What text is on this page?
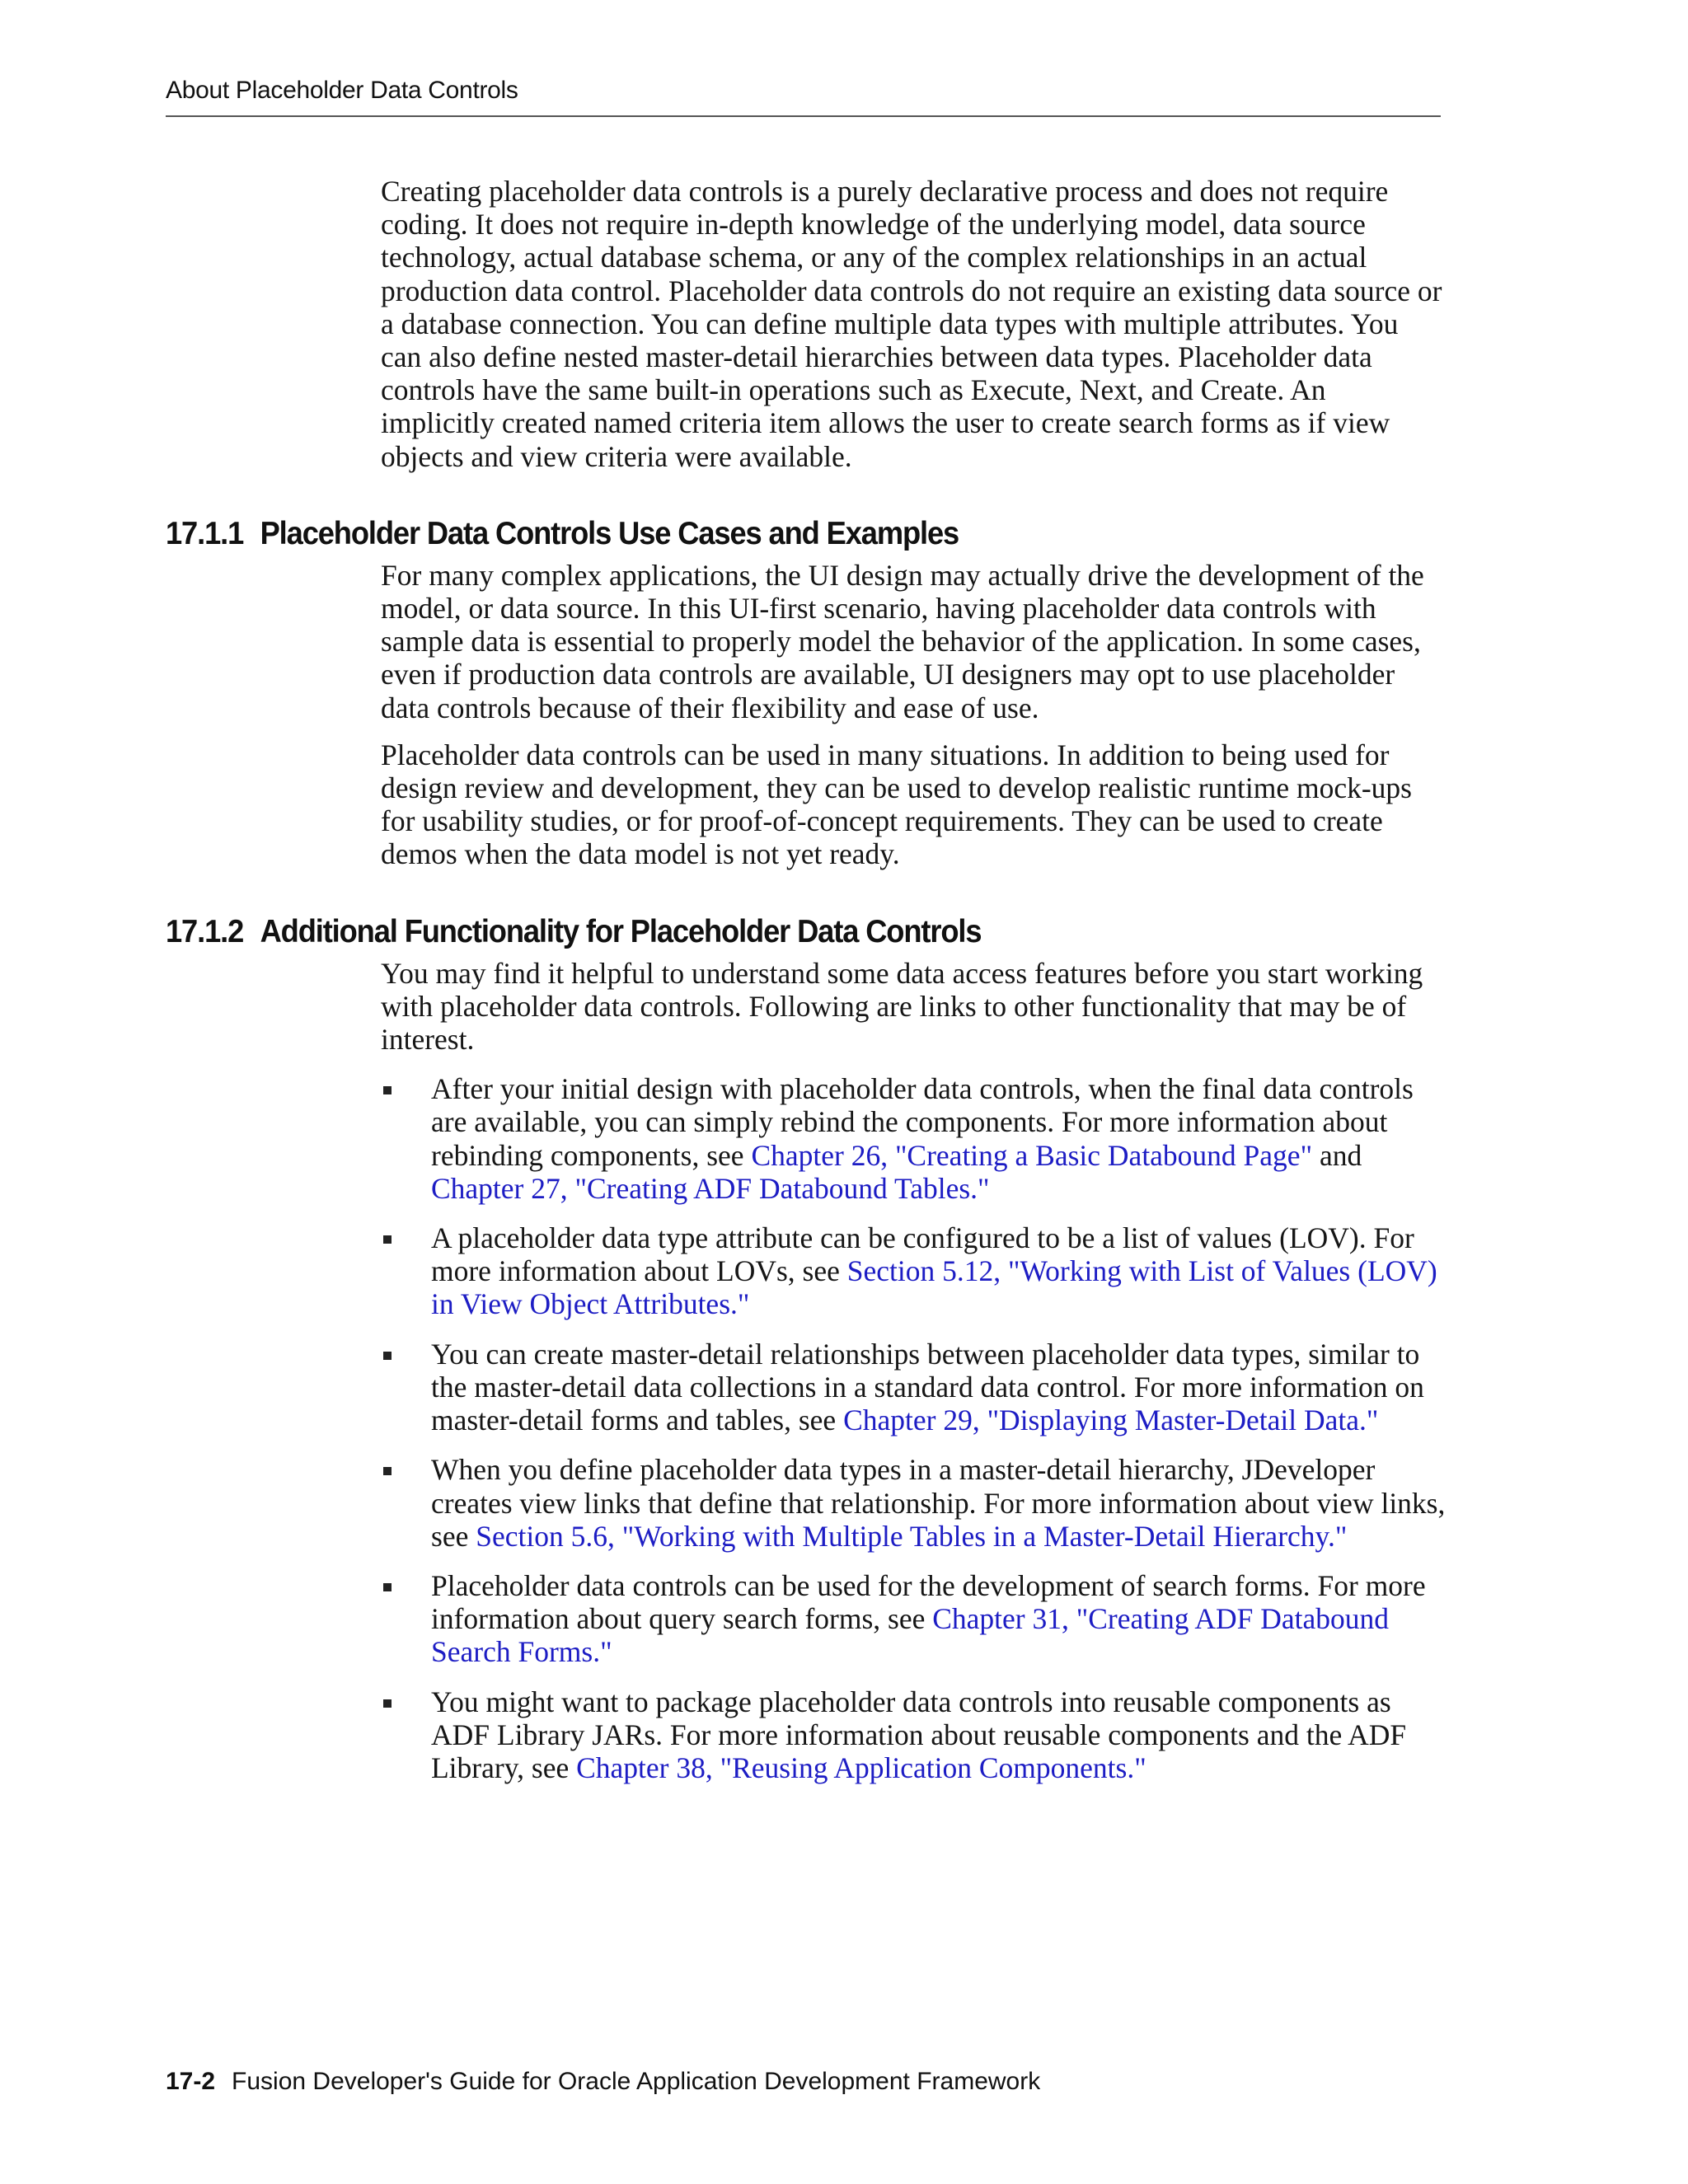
About Placeholder Data Controls

Creating placeholder data controls is a purely declarative process and does not require coding. It does not require in-depth knowledge of the underlying model, data source technology, actual database schema, or any of the complex relationships in an actual production data control. Placeholder data controls do not require an existing data source or a database connection. You can define multiple data types with multiple attributes. You can also define nested master-detail hierarchies between data types. Placeholder data controls have the same built-in operations such as Execute, Next, and Create. An implicitly created named criteria item allows the user to create search forms as if view objects and view criteria were available.

17.1.1 Placeholder Data Controls Use Cases and Examples

For many complex applications, the UI design may actually drive the development of the model, or data source. In this UI-first scenario, having placeholder data controls with sample data is essential to properly model the behavior of the application. In some cases, even if production data controls are available, UI designers may opt to use placeholder data controls because of their flexibility and ease of use.

Placeholder data controls can be used in many situations. In addition to being used for design review and development, they can be used to develop realistic runtime mock-ups for usability studies, or for proof-of-concept requirements. They can be used to create demos when the data model is not yet ready.

17.1.2 Additional Functionality for Placeholder Data Controls

You may find it helpful to understand some data access features before you start working with placeholder data controls. Following are links to other functionality that may be of interest.

After your initial design with placeholder data controls, when the final data controls are available, you can simply rebind the components. For more information about rebinding components, see Chapter 26, "Creating a Basic Databound Page" and Chapter 27, "Creating ADF Databound Tables."
A placeholder data type attribute can be configured to be a list of values (LOV). For more information about LOVs, see Section 5.12, "Working with List of Values (LOV) in View Object Attributes."
You can create master-detail relationships between placeholder data types, similar to the master-detail data collections in a standard data control. For more information on master-detail forms and tables, see Chapter 29, "Displaying Master-Detail Data."
When you define placeholder data types in a master-detail hierarchy, JDeveloper creates view links that define that relationship. For more information about view links, see Section 5.6, "Working with Multiple Tables in a Master-Detail Hierarchy."
Placeholder data controls can be used for the development of search forms. For more information about query search forms, see Chapter 31, "Creating ADF Databound Search Forms."
You might want to package placeholder data controls into reusable components as ADF Library JARs. For more information about reusable components and the ADF Library, see Chapter 38, "Reusing Application Components."
17-2 Fusion Developer's Guide for Oracle Application Development Framework
